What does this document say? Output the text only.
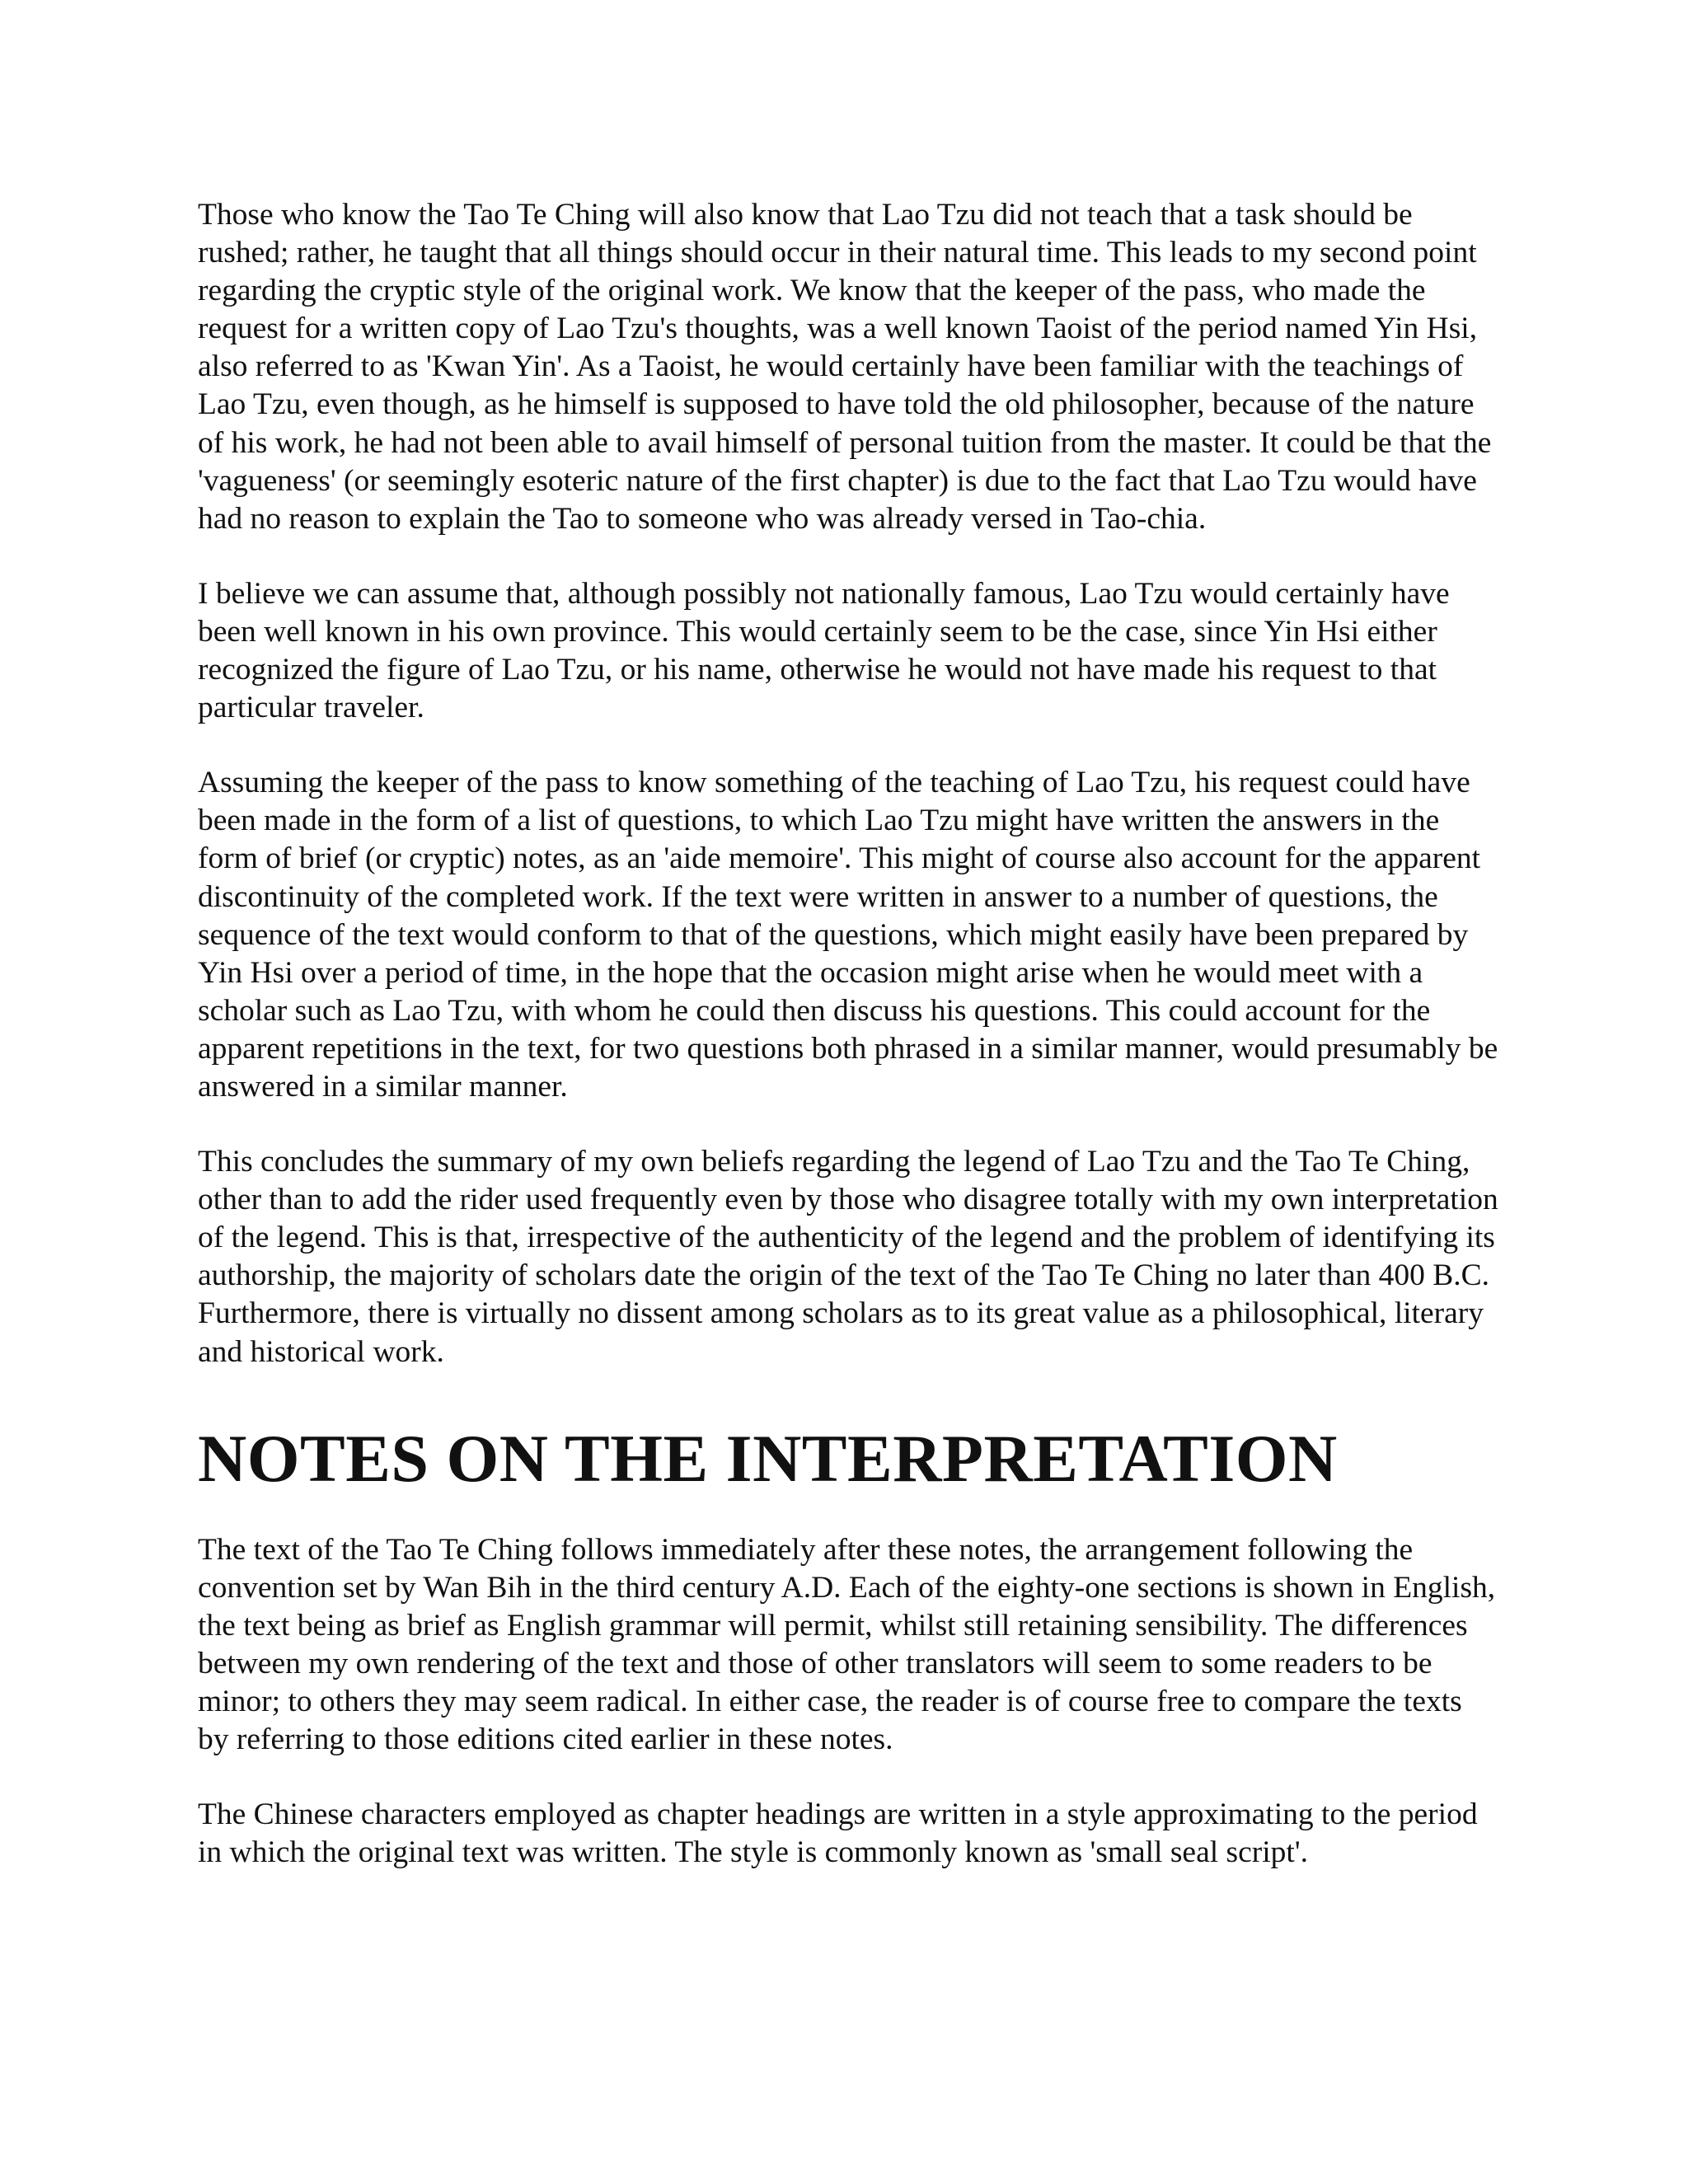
Those who know the Tao Te Ching will also know that Lao Tzu did not teach that a task should be rushed; rather, he taught that all things should occur in their natural time. This leads to my second point regarding the cryptic style of the original work. We know that the keeper of the pass, who made the request for a written copy of Lao Tzu's thoughts, was a well known Taoist of the period named Yin Hsi, also referred to as 'Kwan Yin'. As a Taoist, he would certainly have been familiar with the teachings of Lao Tzu, even though, as he himself is supposed to have told the old philosopher, because of the nature of his work, he had not been able to avail himself of personal tuition from the master. It could be that the 'vagueness' (or seemingly esoteric nature of the first chapter) is due to the fact that Lao Tzu would have had no reason to explain the Tao to someone who was already versed in Tao-chia.

I believe we can assume that, although possibly not nationally famous, Lao Tzu would certainly have been well known in his own province. This would certainly seem to be the case, since Yin Hsi either recognized the figure of Lao Tzu, or his name, otherwise he would not have made his request to that particular traveler.

Assuming the keeper of the pass to know something of the teaching of Lao Tzu, his request could have been made in the form of a list of questions, to which Lao Tzu might have written the answers in the form of brief (or cryptic) notes, as an 'aide memoire'. This might of course also account for the apparent discontinuity of the completed work. If the text were written in answer to a number of questions, the sequence of the text would conform to that of the questions, which might easily have been prepared by Yin Hsi over a period of time, in the hope that the occasion might arise when he would meet with a scholar such as Lao Tzu, with whom he could then discuss his questions. This could account for the apparent repetitions in the text, for two questions both phrased in a similar manner, would presumably be answered in a similar manner.

This concludes the summary of my own beliefs regarding the legend of Lao Tzu and the Tao Te Ching, other than to add the rider used frequently even by those who disagree totally with my own interpretation of the legend. This is that, irrespective of the authenticity of the legend and the problem of identifying its authorship, the majority of scholars date the origin of the text of the Tao Te Ching no later than 400 B.C. Furthermore, there is virtually no dissent among scholars as to its great value as a philosophical, literary and historical work.

NOTES ON THE INTERPRETATION

The text of the Tao Te Ching follows immediately after these notes, the arrangement following the convention set by Wan Bih in the third century A.D. Each of the eighty-one sections is shown in English, the text being as brief as English grammar will permit, whilst still retaining sensibility. The differences between my own rendering of the text and those of other translators will seem to some readers to be minor; to others they may seem radical. In either case, the reader is of course free to compare the texts by referring to those editions cited earlier in these notes.

The Chinese characters employed as chapter headings are written in a style approximating to the period in which the original text was written. The style is commonly known as 'small seal script'.
